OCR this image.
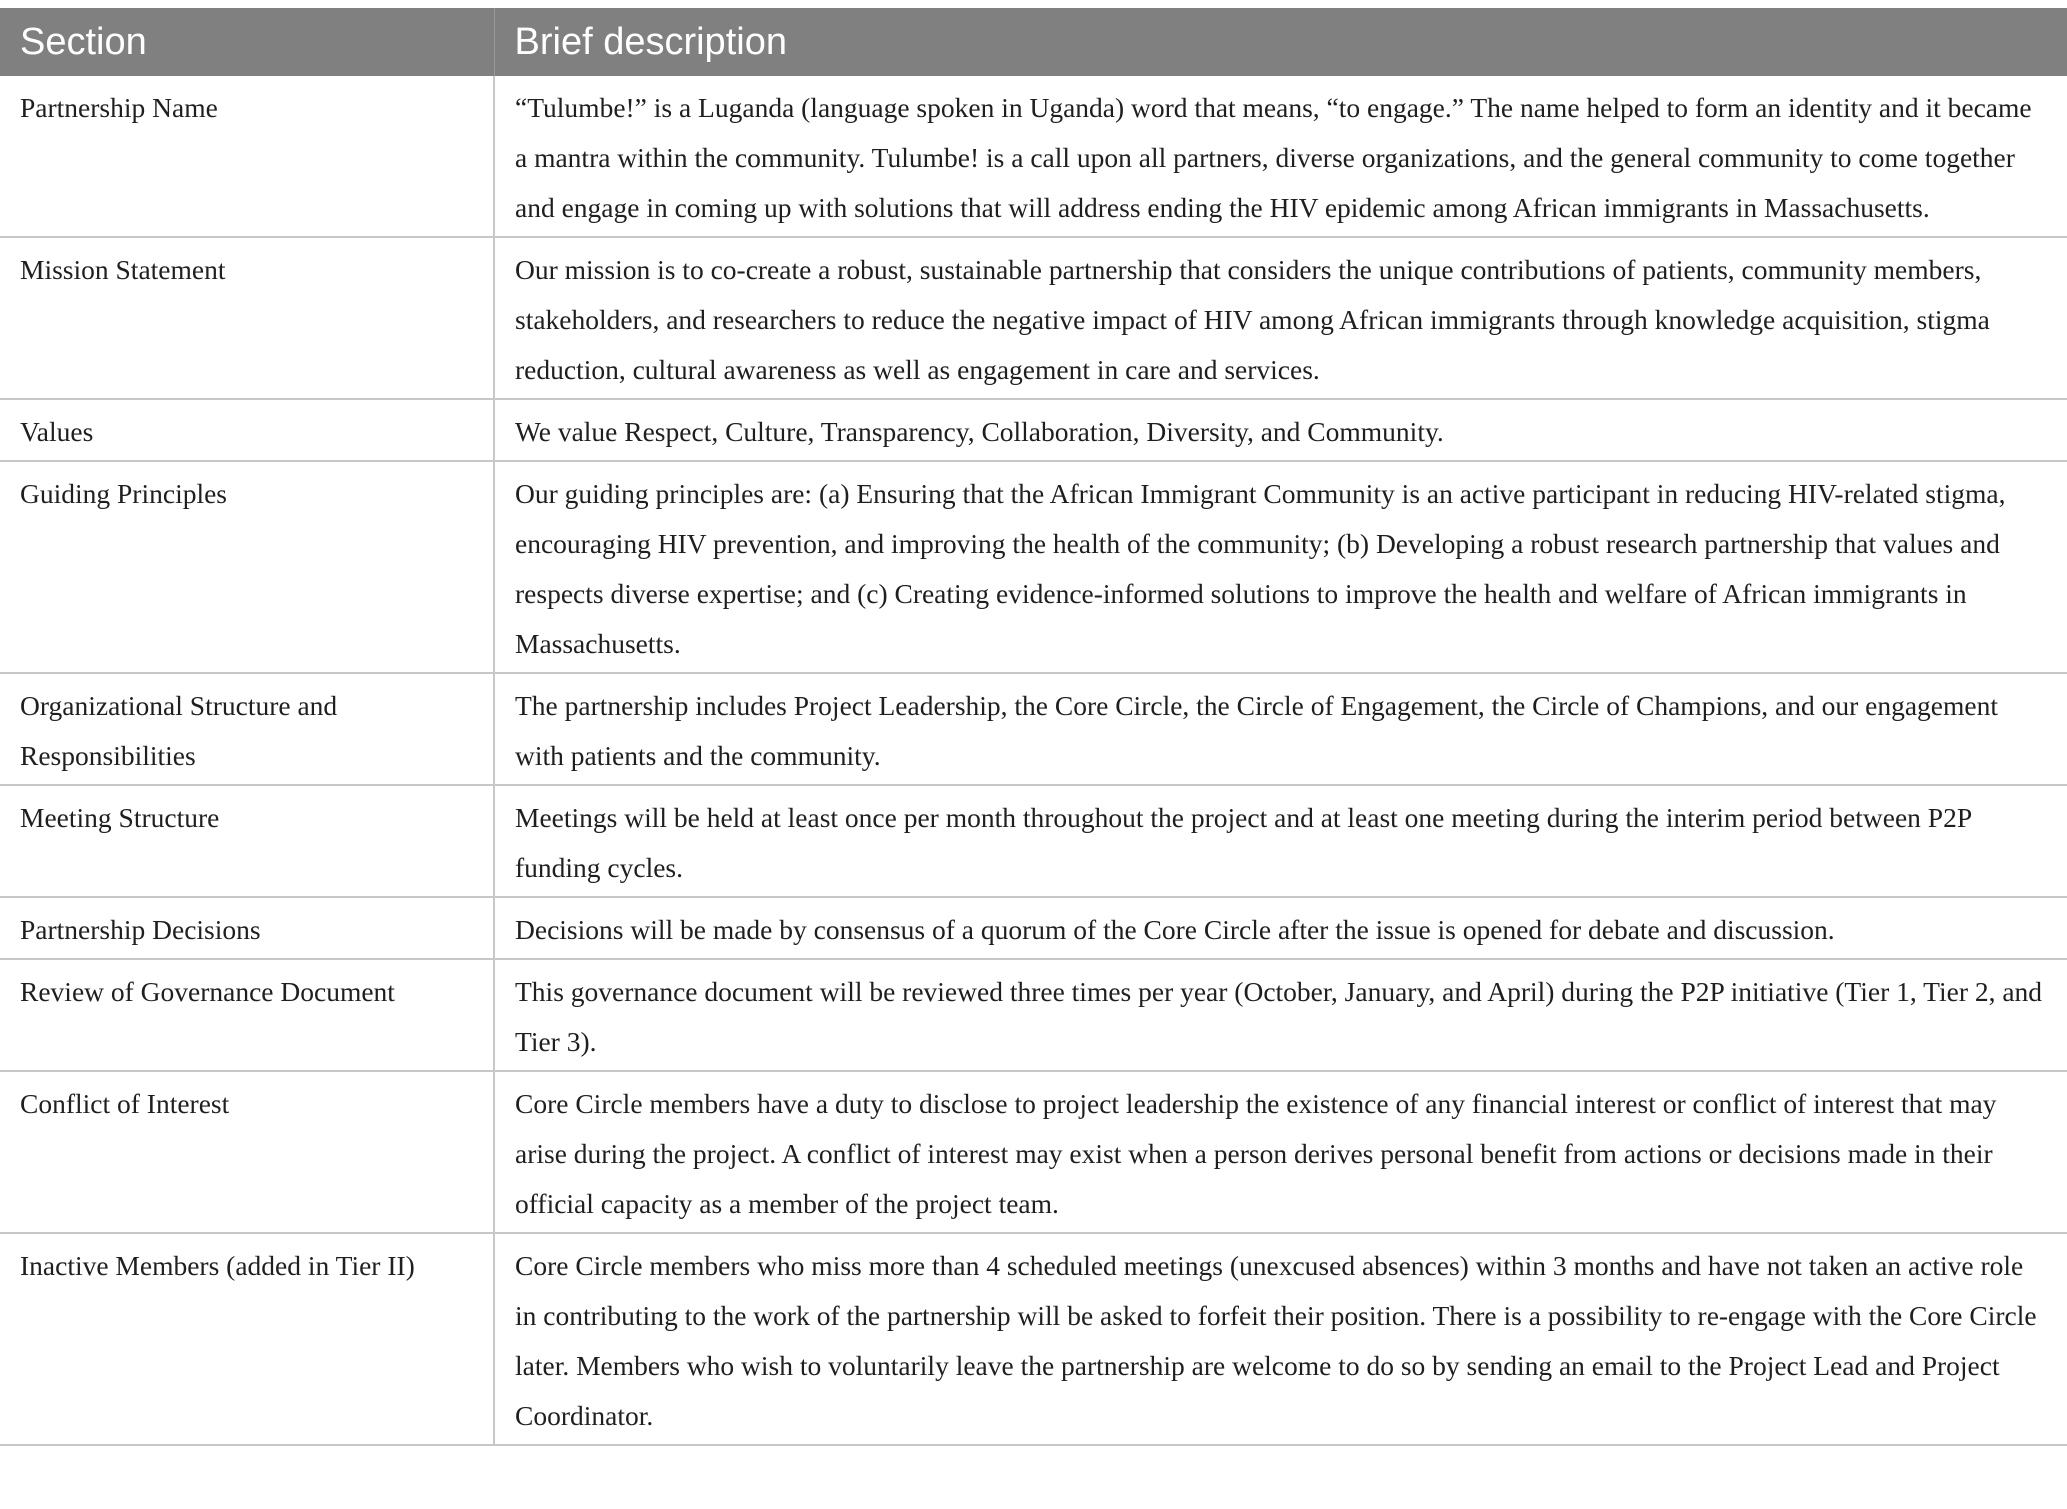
Section	Brief description
Partnership Name	“Tulumbe!” is a Luganda (language spoken in Uganda) word that means, “to engage.” The name helped to form an identity and it became a mantra within the community. Tulumbe! is a call upon all partners, diverse organizations, and the general community to come together and engage in coming up with solutions that will address ending the HIV epidemic among African immigrants in Massachusetts.
Mission Statement	Our mission is to co-create a robust, sustainable partnership that considers the unique contributions of patients, community members, stakeholders, and researchers to reduce the negative impact of HIV among African immigrants through knowledge acquisition, stigma reduction, cultural awareness as well as engagement in care and services.
Values	We value Respect, Culture, Transparency, Collaboration, Diversity, and Community.
Guiding Principles	Our guiding principles are: (a) Ensuring that the African Immigrant Community is an active participant in reducing HIV-related stigma, encouraging HIV prevention, and improving the health of the community; (b) Developing a robust research partnership that values and respects diverse expertise; and (c) Creating evidence-informed solutions to improve the health and welfare of African immigrants in Massachusetts.
Organizational Structure and Responsibilities	The partnership includes Project Leadership, the Core Circle, the Circle of Engagement, the Circle of Champions, and our engagement with patients and the community.
Meeting Structure	Meetings will be held at least once per month throughout the project and at least one meeting during the interim period between P2P funding cycles.
Partnership Decisions	Decisions will be made by consensus of a quorum of the Core Circle after the issue is opened for debate and discussion.
Review of Governance Document	This governance document will be reviewed three times per year (October, January, and April) during the P2P initiative (Tier 1, Tier 2, and Tier 3).
Conflict of Interest	Core Circle members have a duty to disclose to project leadership the existence of any financial interest or conflict of interest that may arise during the project. A conflict of interest may exist when a person derives personal benefit from actions or decisions made in their official capacity as a member of the project team.
Inactive Members (added in Tier II)	Core Circle members who miss more than 4 scheduled meetings (unexcused absences) within 3 months and have not taken an active role in contributing to the work of the partnership will be asked to forfeit their position. There is a possibility to re-engage with the Core Circle later. Members who wish to voluntarily leave the partnership are welcome to do so by sending an email to the Project Lead and Project Coordinator.
